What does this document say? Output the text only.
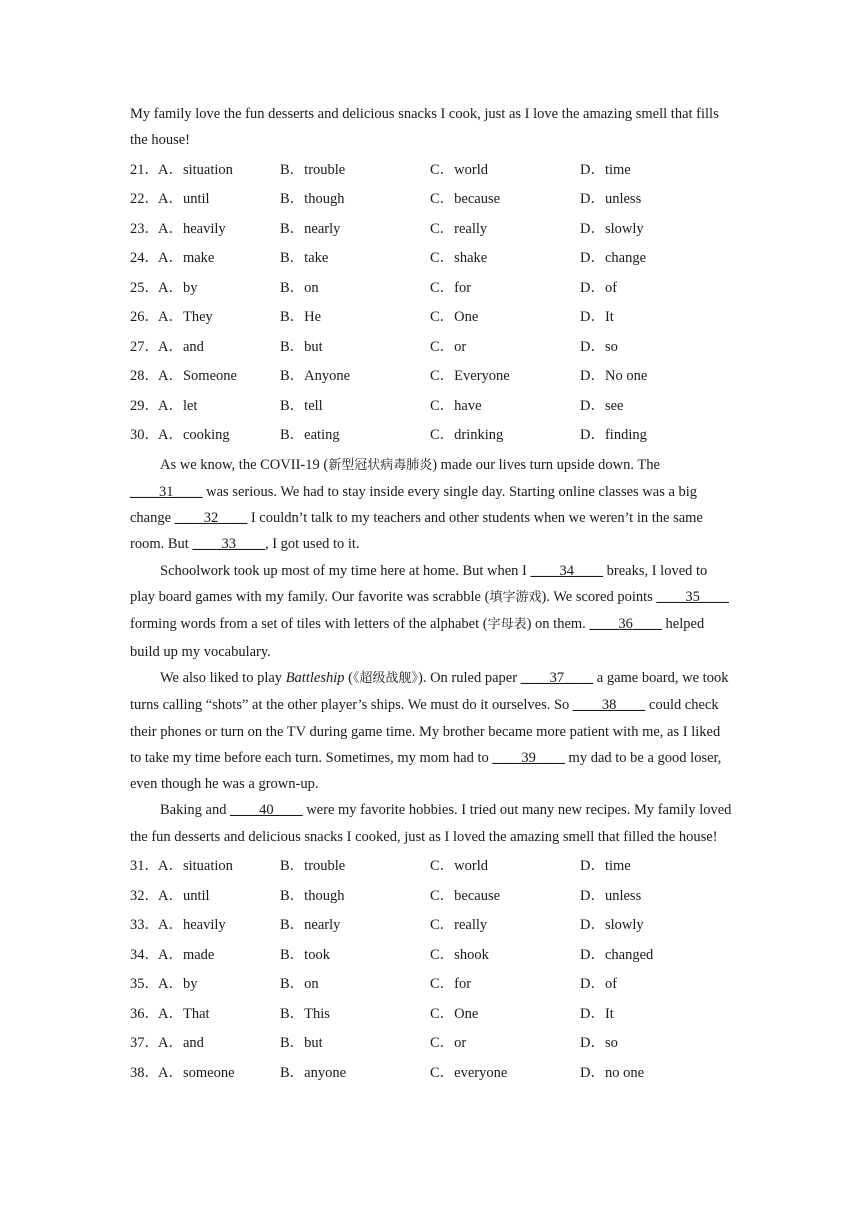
My family love the fun desserts and delicious snacks I cook, just as I love the amazing smell that fills the house!

21． A．situation	B．trouble	C．world	D．time
22． A．until	B．though	C．because	D．unless
23． A．heavily	B．nearly	C．really	D．slowly
24． A．make	B．take	C．shake	D．change
25． A．by	B．on	C．for	D．of
26． A．They	B．He	C．One	D．It
27． A．and	B．but	C．or	D．so
28． A．Someone	B．Anyone	C．Everyone	D．No one
29． A．let	B．tell	C．have	D．see
30． A．cooking	B．eating	C．drinking	D．finding

As we know, the COVII-19 (新型冠状病毒肺炎) made our lives turn upside down. The ____31____ was serious. We had to stay inside every single day. Starting online classes was a big change ____32____ I couldn’t talk to my teachers and other students when we weren’t in the same room. But ____33____, I got used to it.

Schoolwork took up most of my time here at home. But when I ____34____ breaks, I loved to play board games with my family. Our favorite was scrabble (填字游戏). We scored points ____35____ forming words from a set of tiles with letters of the alphabet (字母表) on them. ____36____ helped build up my vocabulary.

We also liked to play Battleship (《超级战舰》). On ruled paper ____37____ a game board, we took turns calling “shots” at the other player’s ships. We must do it ourselves. So ____38____ could check their phones or turn on the TV during game time. My brother became more patient with me, as I liked to take my time before each turn. Sometimes, my mom had to ____39____ my dad to be a good loser, even though he was a grown-up.

Baking and ____40____ were my favorite hobbies. I tried out many new recipes. My family loved the fun desserts and delicious snacks I cooked, just as I loved the amazing smell that filled the house!

31． A．situation	B．trouble	C．world	D．time
32． A．until	B．though	C．because	D．unless
33． A．heavily	B．nearly	C．really	D．slowly
34． A．made	B．took	C．shook	D．changed
35． A．by	B．on	C．for	D．of
36． A．That	B．This	C．One	D．It
37． A．and	B．but	C．or	D．so
38． A．someone	B．anyone	C．everyone	D．no one
